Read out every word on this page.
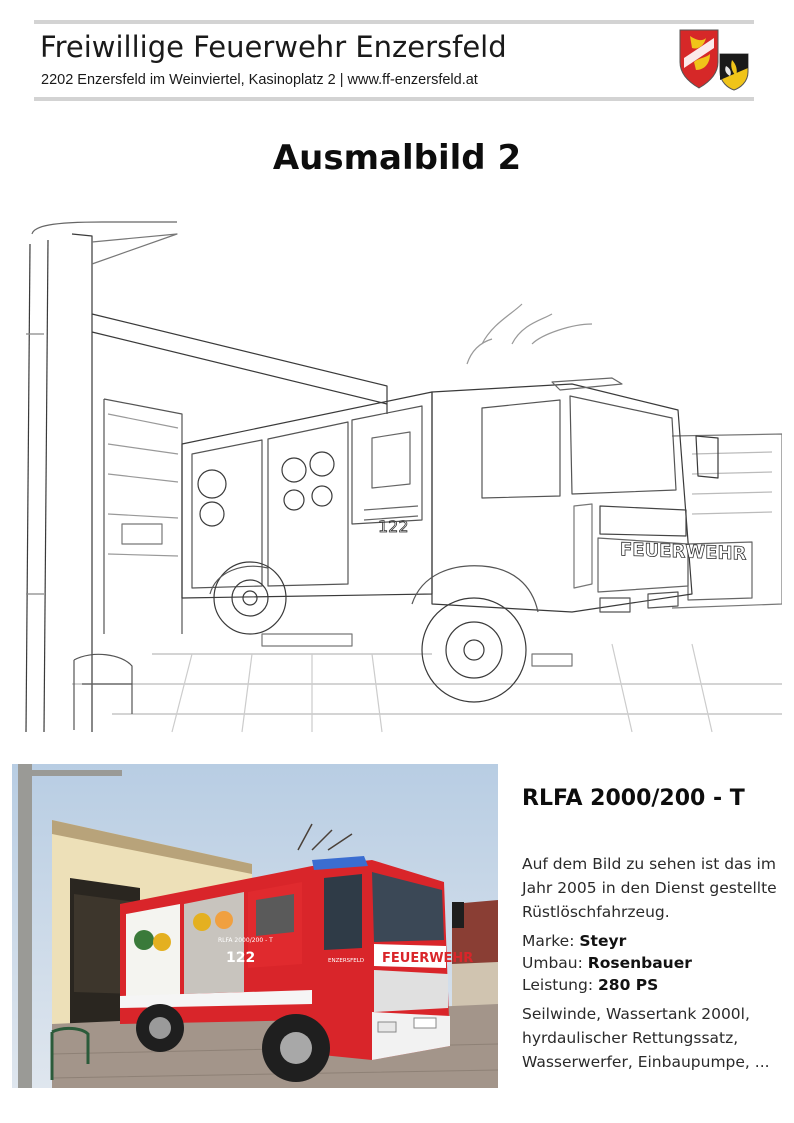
Freiwillige Feuerwehr Enzersfeld
2202 Enzersfeld im Weinviertel, Kasinoplatz 2 | www.ff-enzersfeld.at
Ausmalbild 2
FEUERWEHR
122
FEUERWEHR
122
RLFA 2000/200 - T
ENZERSFELD
RLFA 2000/200 - T

Auf dem Bild zu sehen ist das im Jahr 2005 in den Dienst gestellte Rüstlöschfahrzeug.

Marke: Steyr
Umbau: Rosenbauer
Leistung: 280 PS

Seilwinde, Wassertank 2000l, hyrdaulischer Rettungssatz, Wasserwerfer, Einbaupumpe, ...
